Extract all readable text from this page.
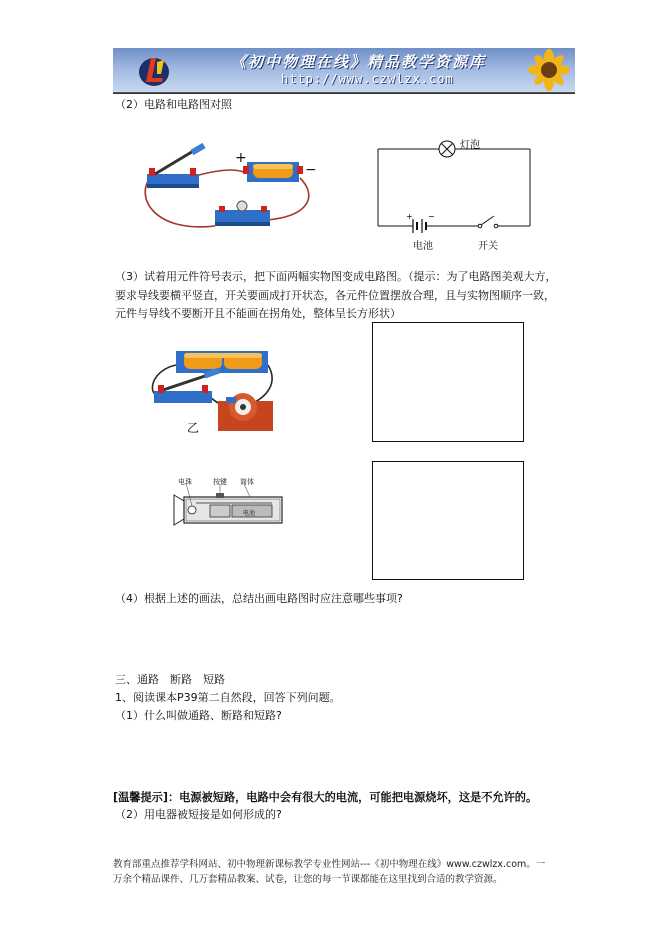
《初中物理在线》精品教学资源库
http://www.czwlzx.com
（2）电路和电路图对照
+
−
+ −
灯泡
电池	开关
（3）试着用元件符号表示，把下面两幅实物图变成电路图。（提示：为了电路图美观大方，要求导线要横平竖直，开关要画成打开状态，各元件位置摆放合理，且与实物图顺序一致，元件与导线不要断开且不能画在拐角处，整体呈长方形状）
乙
电珠	按键 筒体
电池
（4）根据上述的画法，总结出画电路图时应注意哪些事项?
三、通路　断路　短路
1、阅读课本P39第二自然段，回答下列问题。
（1）什么叫做通路、断路和短路?
[温馨提示]：电源被短路，电路中会有很大的电流，可能把电源烧坏，这是不允许的。
（2）用电器被短接是如何形成的?
教育部重点推荐学科网站、初中物理新课标教学专业性网站---《初中物理在线》www.czwlzx.com。一
万余个精品课件、几万套精品教案、试卷，让您的每一节课都能在这里找到合适的教学资源。
